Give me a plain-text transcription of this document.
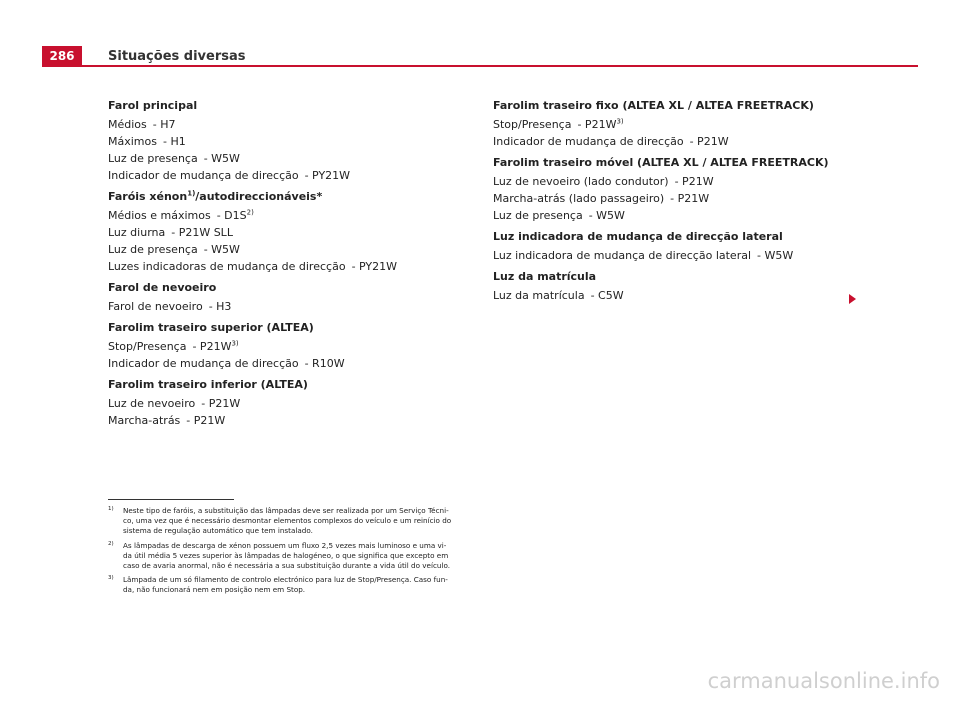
286	Situações diversas
Farol principal
Médios - H7
Máximos - H1
Luz de presença - W5W
Indicador de mudança de direcção - PY21W
Faróis xénon$^{1)}$/autodireccionáveis*
Médios e máximos - $D1S^{2)}$
Luz diurna - P21W SLL
Luz de presença - W5W
Luzes indicadoras de mudança de direcção - PY21W
Farol de nevoeiro
Farol de nevoeiro - H3
Farolim traseiro superior (ALTEA)
Stop/Presença - $P21W^{3)}$
Indicador de mudança de direcção - R10W
Farolim traseiro inferior (ALTEA)
Luz de nevoeiro - P21W
Marcha-atrás - P21W
Farolim traseiro fixo (ALTEA XL / ALTEA FREETRACK)
Stop/Presença - $P21W^{3)}$
Indicador de mudança de direcção - P21W
Farolim traseiro móvel (ALTEA XL / ALTEA FREETRACK)
Luz de nevoeiro (lado condutor) - P21W
Marcha-atrás (lado passageiro) - P21W
Luz de presença - W5W
Luz indicadora de mudança de direcção lateral
Luz indicadora de mudança de direcção lateral - W5W
Luz da matrícula
Luz da matrícula - C5W
1) Neste tipo de faróis, a substituição das lâmpadas deve ser realizada por um Serviço Técni-
co, uma vez que é necessário desmontar elementos complexos do veículo e um reinício do
sistema de regulação automático que tem instalado.
2) As lâmpadas de descarga de xénon possuem um fluxo 2,5 vezes mais luminoso e uma vi-
da útil média 5 vezes superior às lâmpadas de halogéneo, o que significa que excepto em
caso de avaria anormal, não é necessária a sua substituição durante a vida útil do veículo.
3) Lâmpada de um só filamento de controlo electrónico para luz de Stop/Presença. Caso fun-
da, não funcionará nem em posição nem em Stop.
carmanualsonline.info
